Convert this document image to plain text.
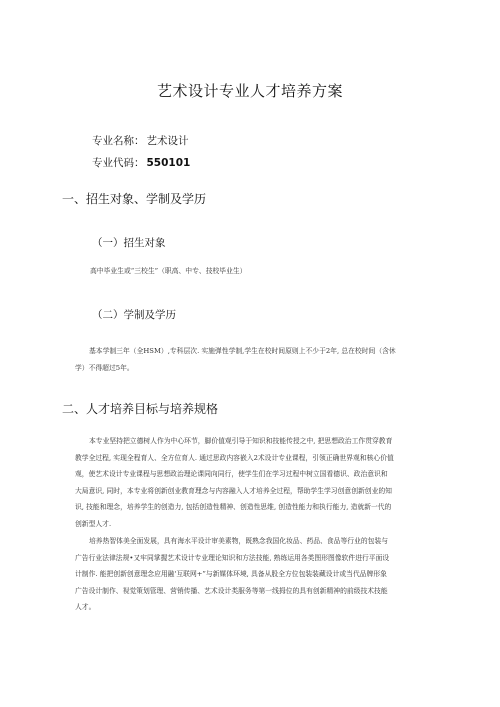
艺术设计专业人才培养方案
专业名称： 艺术设计
专业代码： 550101
一、招生对象、学制及学历
（一）招生对象
高中毕业生或“三校生”（职高、中专、技校毕业生）
（二）学制及学历
基本学制三年（全HSM）,专科层次. 实施弹性学制,学生在校时间原则上不少于2年, 总在校时间（含休
学）不得超过5年。
二、人才培养目标与培养规格
本专业坚持把立德树人作为中心环节，脚价值观引导于知识和技能传授之中, 把思想政治工作贯穿教育
教学全过程, 实现全程育人、全方位育人. 通过思政内容嵌入2术设计专业课程，引领正确世界观和核心价值
观，使艺术设计专业课程与思想政治理论课同向同行，使学生们在学习过程中树立国看德识、政治意识和
大局意识, 同时，本专业将创新创业教育理念与内容融入人才培养全过程，帮助学生学习创意创新创业的知
识, 技能和理念，培养学生的创造力, 包括创造性精神、创造性思维, 创造性能力和执行能力, 造就新一代的
创新型人才.
培养热智体美全面发展，具有海水平设计审美素物，既熟念我国化妆品、药品、食品等行业的包装与
广告行业法律法规•又牢同掌握艺术设计专业理论知识和方法技能, 熟练运用各类图形图像软件进行平面设
计制作. 能把创新创意理念应用融'互联网+”与新媒体环境, 具备从股全方位包装装藏设计或当代品牌形象
广告设计制作、视觉策划管理、营销传播、艺术设计类服务等第一线拇位的具有创新精神的前级技术技能
人才。
